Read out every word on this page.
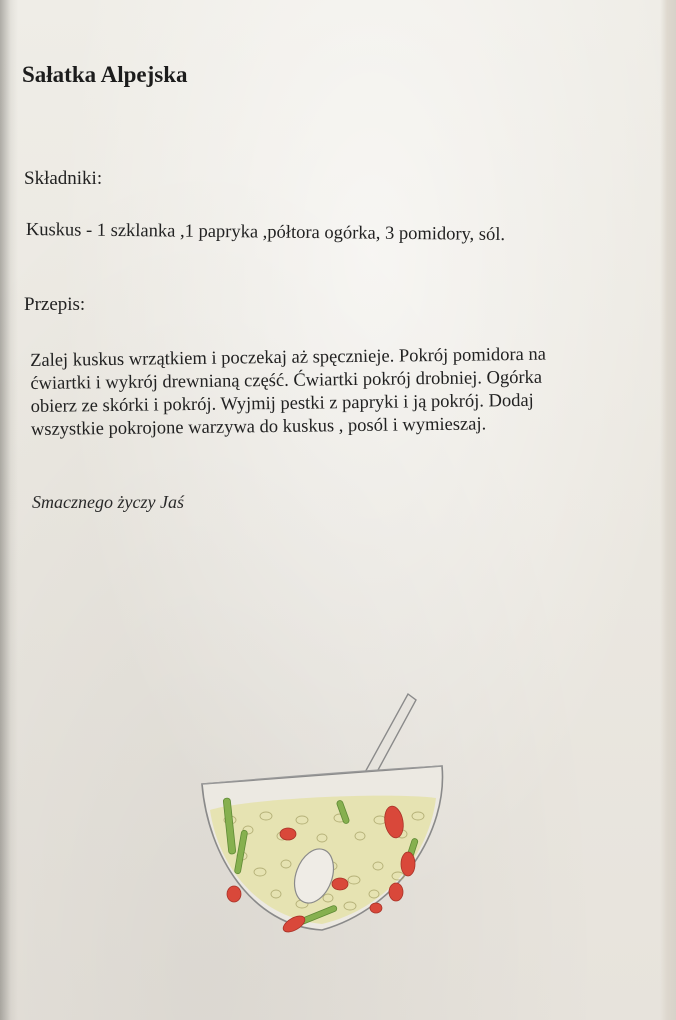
Sałatka Alpejska

Składniki:

Kuskus - 1 szklanka ,1 papryka ,półtora ogórka, 3 pomidory, sól.

Przepis:

Zalej kuskus wrzątkiem i poczekaj aż spęcznieje. Pokrój pomidora na
ćwiartki i wykrój drewnianą część. Ćwiartki pokrój drobniej. Ogórka
obierz ze skórki i pokrój. Wyjmij pestki z papryki i ją pokrój. Dodaj
wszystkie pokrojone warzywa do kuskus , posól i wymieszaj.

Smacznego życzy Jaś
